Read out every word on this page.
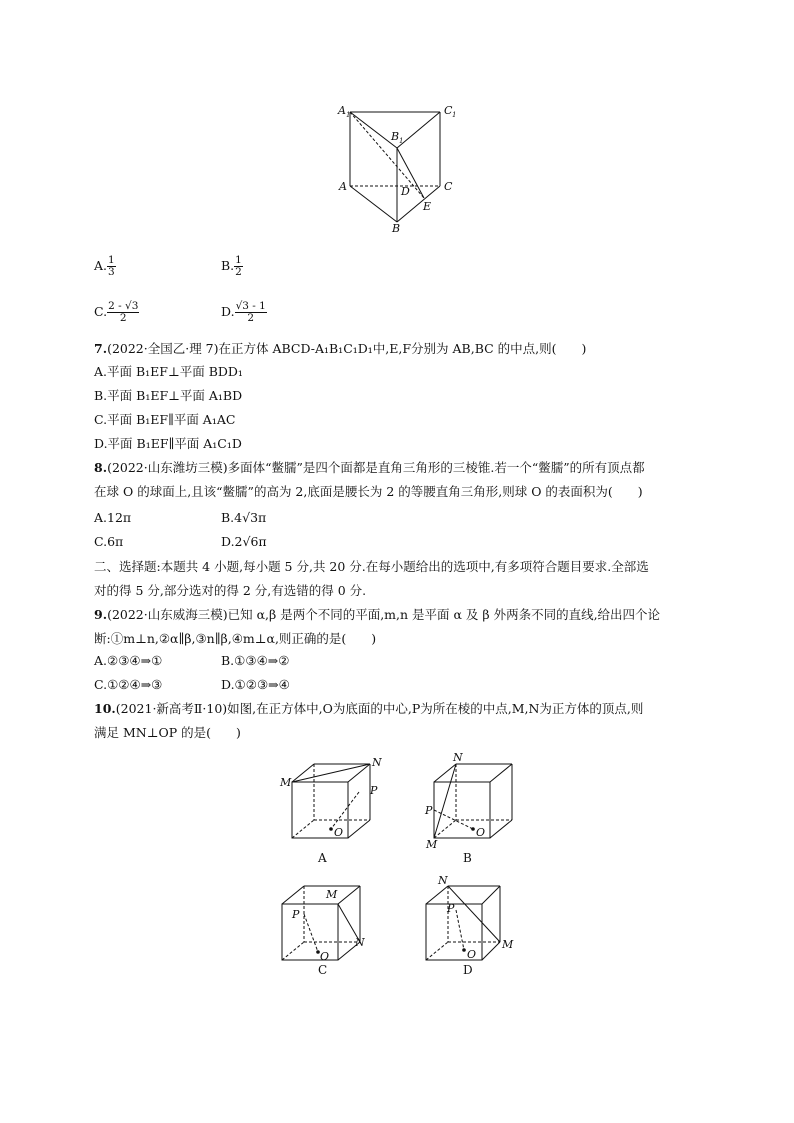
A 1	C 1
B 1
A	D	C
E
B
A. $\frac{1}{3}$	B. $\frac{1}{2}$
C. $\frac{2 - √3}{2}$	D. $\frac{√3 - 1}{2}$
7.(2022·全国乙·理 7)在正方体 ABCD-A₁B₁C₁D₁中,E,F分别为 AB,BC 的中点,则(　　)
A.平面 B₁EF⊥平面 BDD₁
B.平面 B₁EF⊥平面 A₁BD
C.平面 B₁EF∥平面 A₁AC
D.平面 B₁EF∥平面 A₁C₁D
8.(2022·山东潍坊三模)多面体“鳖臑”是四个面都是直角三角形的三棱锥.若一个“鳖臑”的所有顶点都
在球 O 的球面上,且该“鳖臑”的高为 2,底面是腰长为 2 的等腰直角三角形,则球 O 的表面积为(　　)
A.12π	B.4√3π
C.6π	D.2√6π
二、选择题:本题共 4 小题,每小题 5 分,共 20 分.在每小题给出的选项中,有多项符合题目要求.全部选
对的得 5 分,部分选对的得 2 分,有选错的得 0 分.
9.(2022·山东威海三模)已知 α,β 是两个不同的平面,m,n 是平面 α 及 β 外两条不同的直线,给出四个论
断:①m⊥n,②α∥β,③n∥β,④m⊥α,则正确的是(　　)
A.②③④⇒①	B.①③④⇒②
C.①②④⇒③	D.①②③⇒④
10.(2021·新高考Ⅱ·10)如图,在正方体中,O为底面的中心,P为所在棱的中点,M,N为正方体的顶点,则
满足 MN⊥OP 的是(　　)
M
N
P
O
A
M
N
P
O
B
M
N
P
O
C
N
M
P
O
D
